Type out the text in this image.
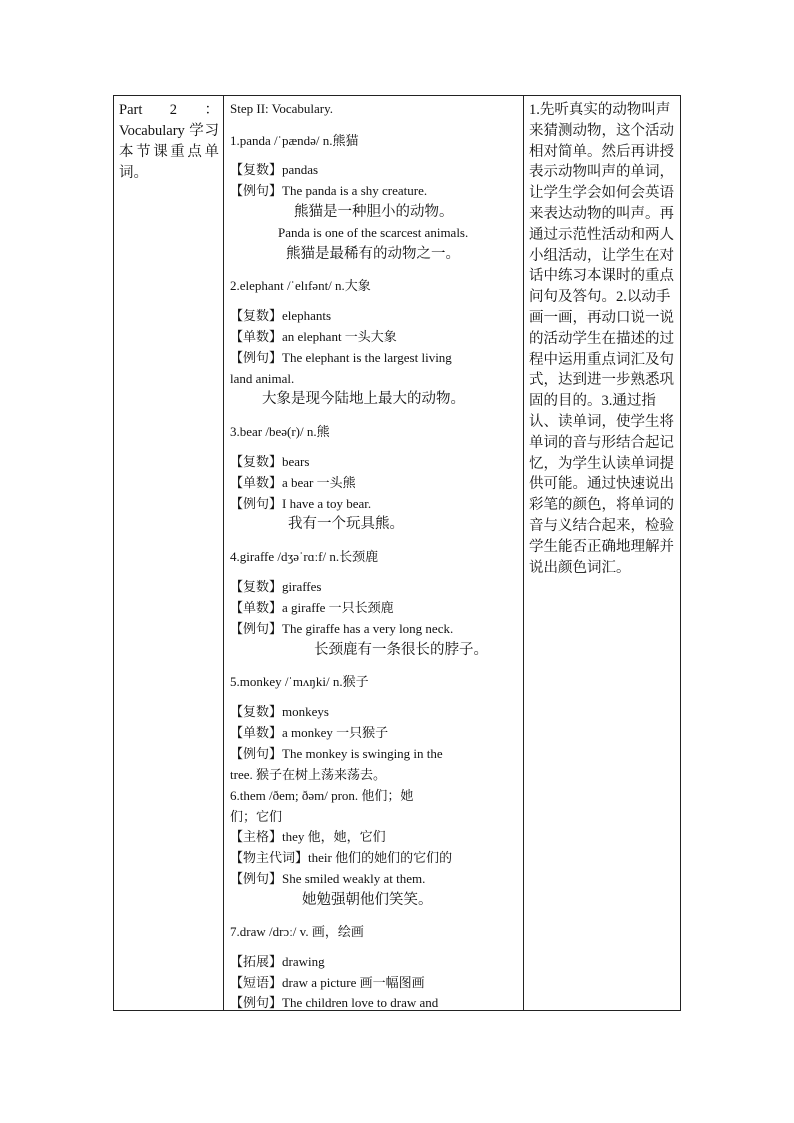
Part 2 ：Vocabulary 学习本节课重点单词。
Step II: Vocabulary.
1.panda /ˈpændə/ n.熊猫
【复数】pandas
【例句】The panda is a shy creature.
熊猫是一种胆小的动物。
Panda is one of the scarcest animals.
熊猫是最稀有的动物之一。
2.elephant /ˈelɪfənt/ n.大象
【复数】elephants
【单数】an elephant 一头大象
【例句】The elephant is the largest living
land animal.
大象是现今陆地上最大的动物。
3.bear /beə(r)/ n.熊
【复数】bears
【单数】a bear 一头熊
【例句】I have a toy bear.
我有一个玩具熊。
4.giraffe /dʒəˈrɑːf/ n.长颈鹿
【复数】giraffes
【单数】a giraffe 一只长颈鹿
【例句】The giraffe has a very long neck.
长颈鹿有一条很长的脖子。
5.monkey /ˈmʌŋki/ n.猴子
【复数】monkeys
【单数】a monkey 一只猴子
【例句】The monkey is swinging in the
tree. 猴子在树上荡来荡去。
6.them /ðem; ðəm/ pron. 他们；她
们；它们
【主格】they 他，她，它们
【物主代词】their 他们的她们的它们的
【例句】She smiled weakly at them.
她勉强朝他们笑笑。
7.draw /drɔː/ v. 画，绘画
【拓展】drawing
【短语】draw a picture 画一幅图画
【例句】The children love to draw and
1.先听真实的动物叫声来猜测动物，这个活动相对简单。然后再讲授表示动物叫声的单词，让学生学会如何会英语来表达动物的叫声。再通过示范性活动和两人小组活动，让学生在对话中练习本课时的重点问句及答句。2.以动手画一画，再动口说一说的活动学生在描述的过程中运用重点词汇及句式，达到进一步熟悉巩固的目的。3.通过指认、读单词，使学生将单词的音与形结合起记忆，为学生认读单词提供可能。通过快速说出彩笔的颜色，将单词的音与义结合起来，检验学生能否正确地理解并说出颜色词汇。
